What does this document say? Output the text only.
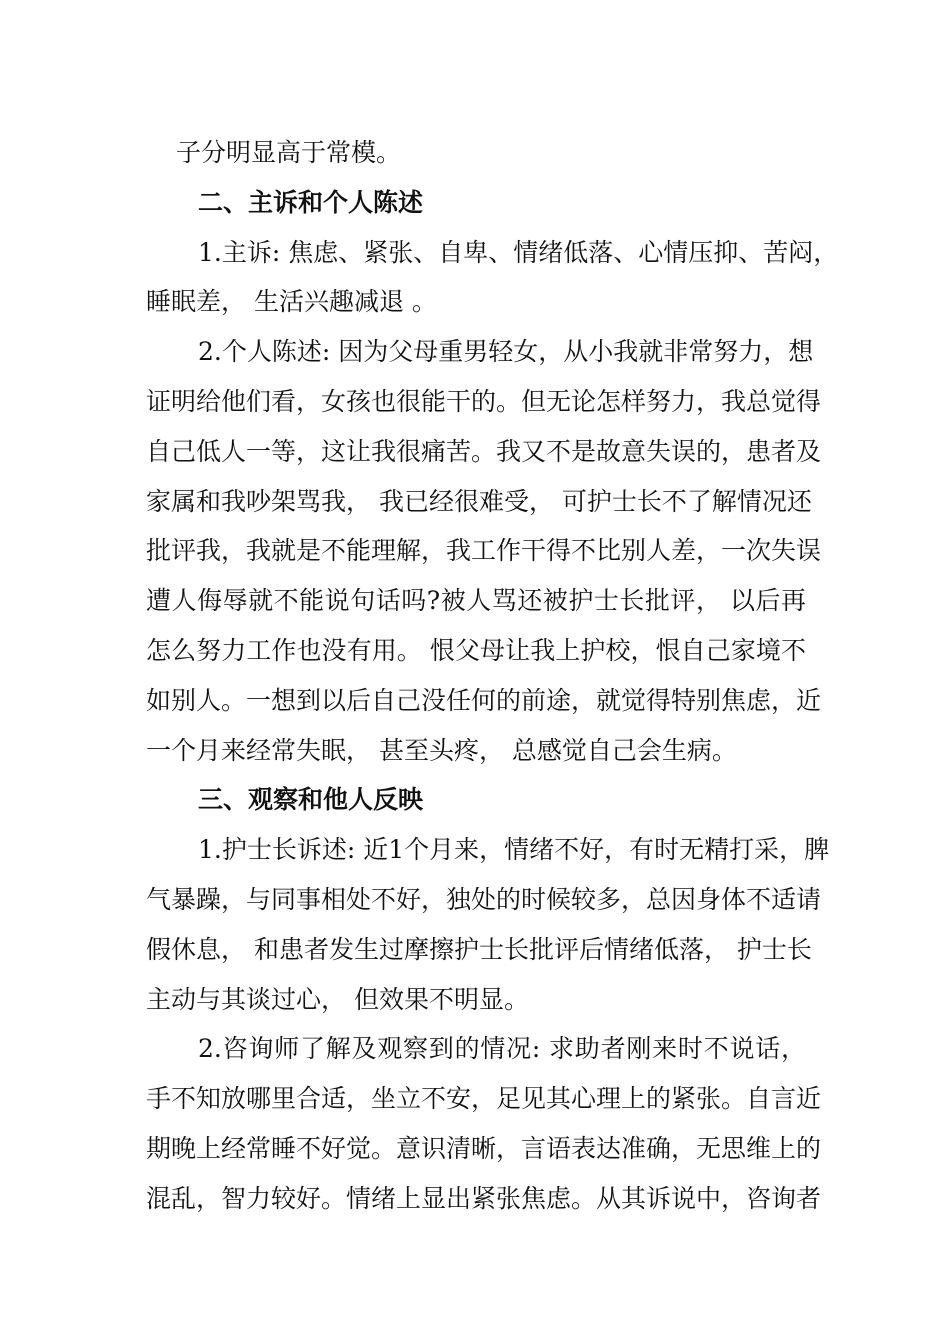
子分明显高于常模。
二、主诉和个人陈述
1.主诉: 焦虑、紧张、自卑、情绪低落、心情压抑、苦闷，
睡眠差， 生活兴趣减退 。
2.个人陈述: 因为父母重男轻女，从小我就非常努力，想
证明给他们看，女孩也很能干的。但无论怎样努力，我总觉得
自己低人一等，这让我很痛苦。我又不是故意失误的，患者及
家属和我吵架骂我， 我已经很难受， 可护士长不了解情况还
批评我，我就是不能理解，我工作干得不比别人差，一次失误
遭人侮辱就不能说句话吗?被人骂还被护士长批评， 以后再
怎么努力工作也没有用。 恨父母让我上护校，恨自己家境不
如别人。一想到以后自己没任何的前途，就觉得特别焦虑，近
一个月来经常失眠， 甚至头疼， 总感觉自己会生病。
三、观察和他人反映
1.护士长诉述: 近1个月来，情绪不好，有时无精打采，脾
气暴躁，与同事相处不好，独处的时候较多，总因身体不适请
假休息， 和患者发生过摩擦护士长批评后情绪低落， 护士长
主动与其谈过心， 但效果不明显。
2.咨询师了解及观察到的情况: 求助者刚来时不说话，
手不知放哪里合适，坐立不安，足见其心理上的紧张。自言近
期晚上经常睡不好觉。意识清晰，言语表达准确，无思维上的
混乱，智力较好。情绪上显出紧张焦虑。从其诉说中，咨询者
